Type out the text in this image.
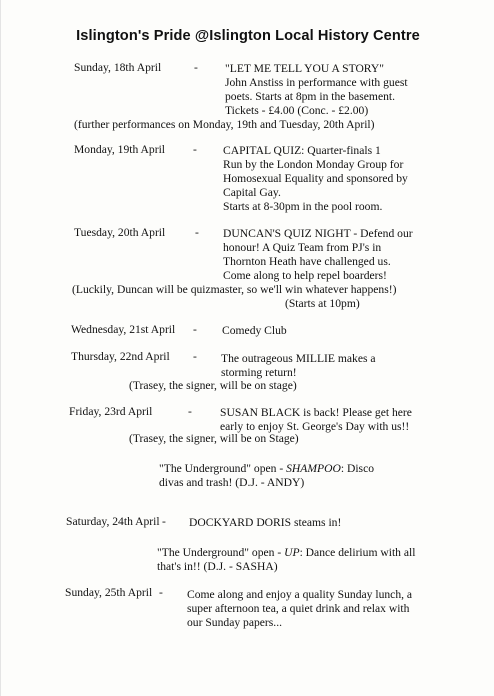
Islington's Pride @Islington Local History Centre
Sunday, 18th April	- "LET ME TELL YOU A STORY"
John Anstiss in performance with guest
poets. Starts at 8pm in the basement.
Tickets - £4.00 (Conc. - £2.00)
(further performances on Monday, 19th and Tuesday, 20th April)
Monday, 19th April - CAPITAL QUIZ: Quarter-finals 1
Run by the London Monday Group for
Homosexual Equality and sponsored by
Capital Gay.
Starts at 8-30pm in the pool room.
Tuesday, 20th April	- DUNCAN'S QUIZ NIGHT - Defend our
honour! A Quiz Team from PJ's in
Thornton Heath have challenged us.
Come along to help repel boarders!
(Luckily, Duncan will be quizmaster, so we'll win whatever happens!)
(Starts at 10pm)
Wednesday, 21st April - Comedy Club
Thursday, 22nd April - The outrageous MILLIE makes a
storming return!
(Trasey, the signer, will be on stage)
Friday, 23rd April	- SUSAN BLACK is back! Please get here
early to enjoy St. George's Day with us!!
(Trasey, the signer, will be on Stage)
"The Underground" open - SHAMPOO: Disco
divas and trash! (D.J. - ANDY)
Saturday, 24th April - DOCKYARD DORIS steams in!
"The Underground" open - UP: Dance delirium with all
that's in!! (D.J. - SASHA)
Sunday, 25th April - Come along and enjoy a quality Sunday lunch, a
super afternoon tea, a quiet drink and relax with
our Sunday papers...
